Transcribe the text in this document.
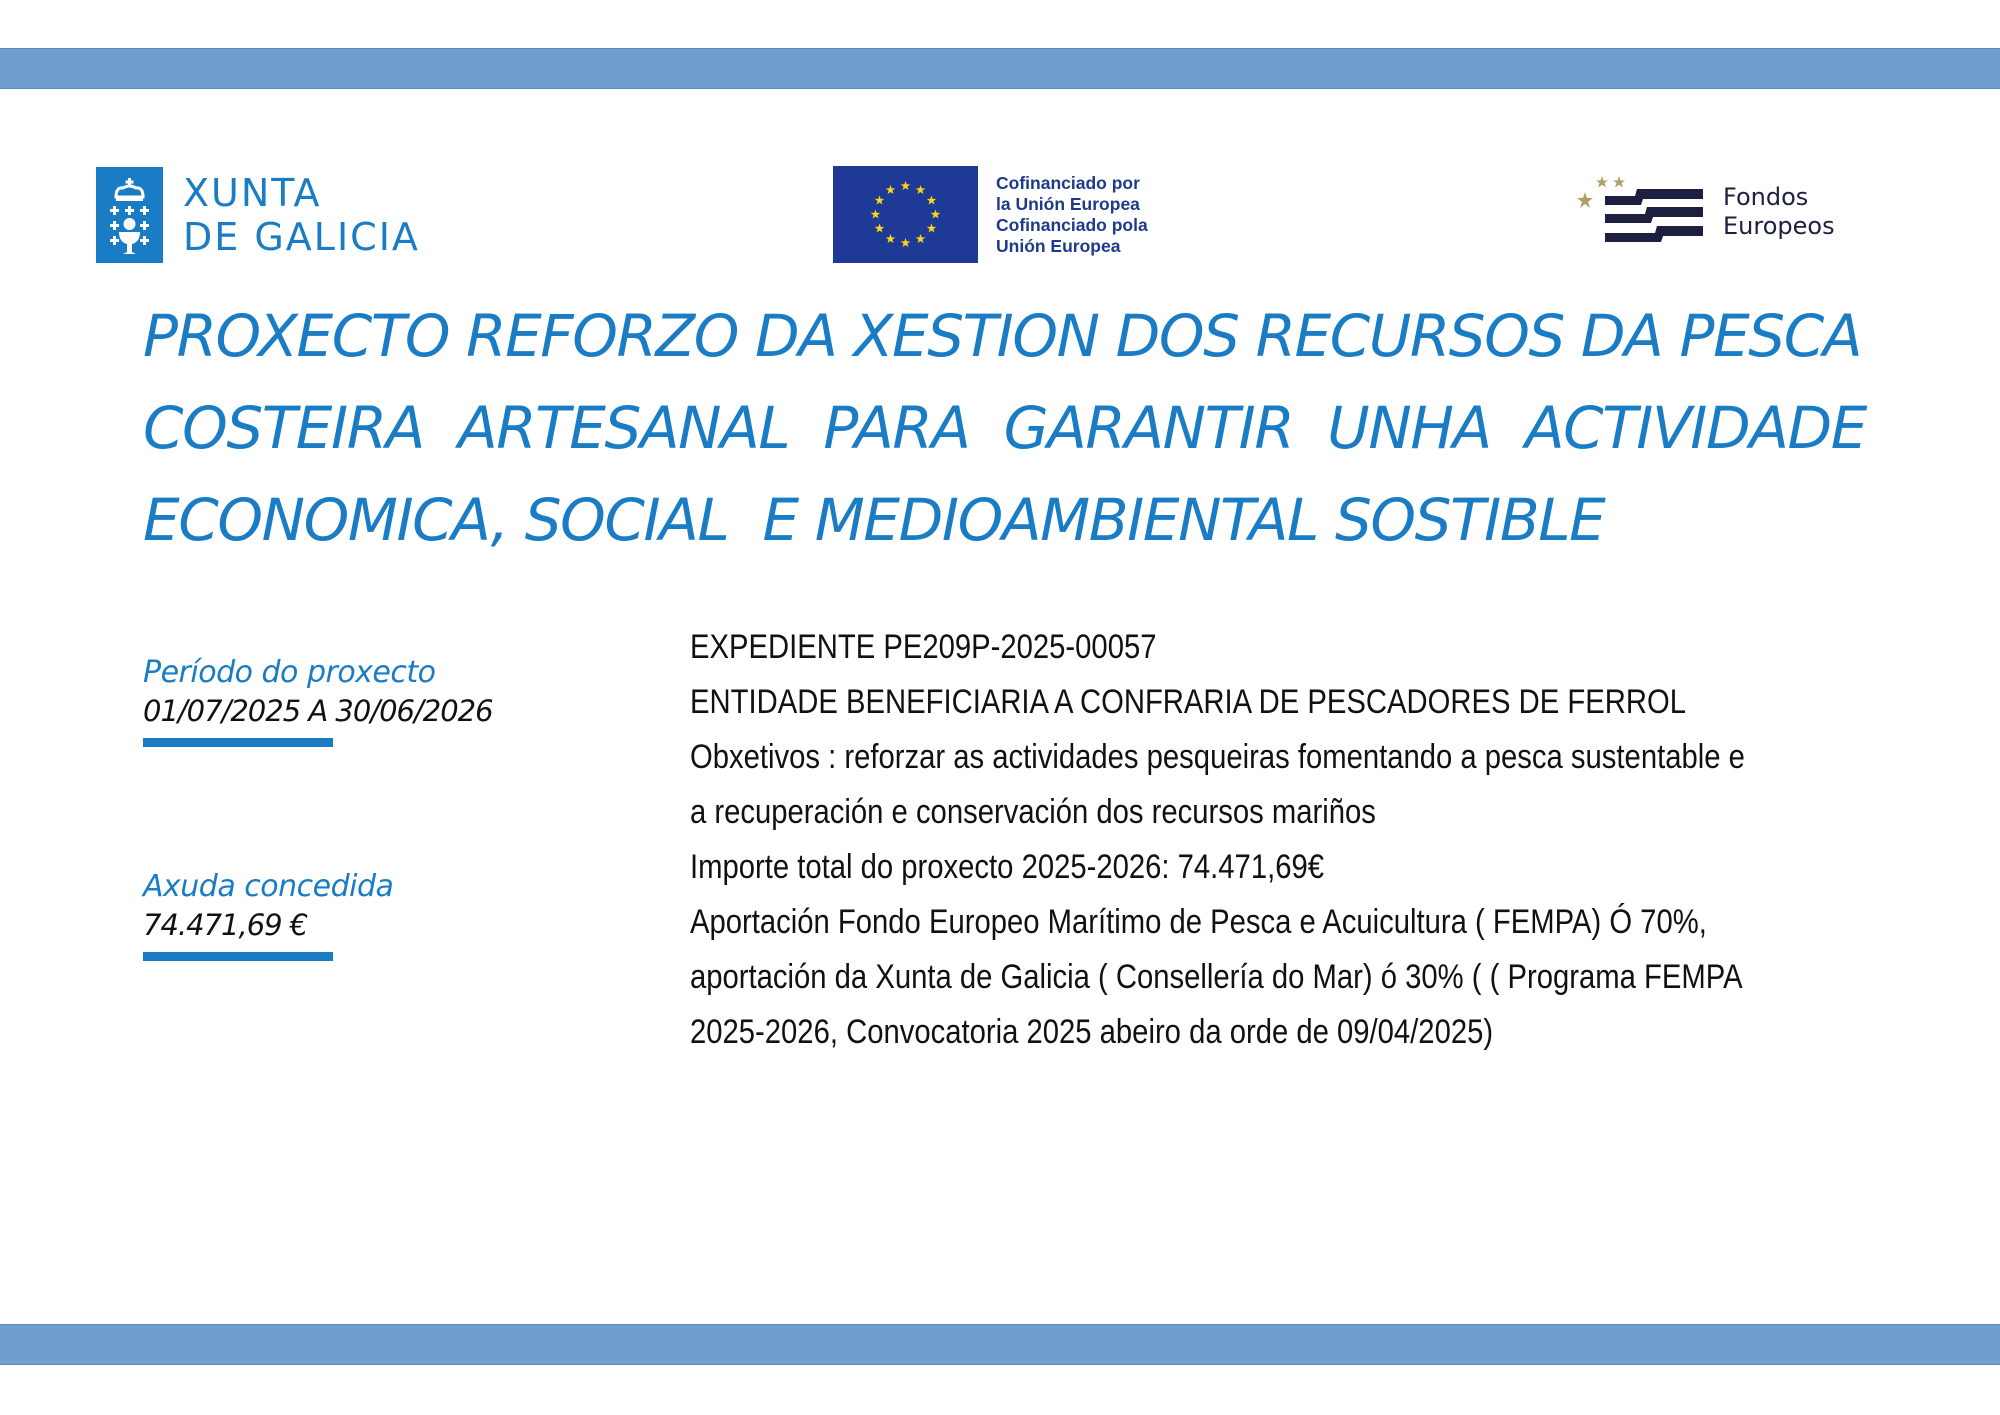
XUNTA
DE GALICIA
Cofinanciado por
la Unión Europea
Cofinanciado pola
Unión Europea
Fondos
Europeos
PROXECTO REFORZO DA XESTION DOS RECURSOS DA PESCA
COSTEIRA  ARTESANAL  PARA  GARANTIR  UNHA  ACTIVIDADE
ECONOMICA, SOCIAL  E MEDIOAMBIENTAL SOSTIBLE
Período do proxecto
01/07/2025 A 30/06/2026
Axuda concedida
74.471,69 €

EXPEDIENTE PE209P-2025-00057

ENTIDADE BENEFICIARIA A CONFRARIA DE PESCADORES DE FERROL

Obxetivos : reforzar as actividades pesqueiras fomentando a pesca sustentable e

a recuperación e conservación dos recursos mariños

Importe total do proxecto 2025-2026: 74.471,69€

Aportación Fondo Europeo Marítimo de Pesca e Acuicultura ( FEMPA) Ó 70%,

aportación da Xunta de Galicia ( Consellería do Mar) ó 30% ( ( Programa FEMPA

2025-2026, Convocatoria 2025 abeiro da orde de 09/04/2025)
